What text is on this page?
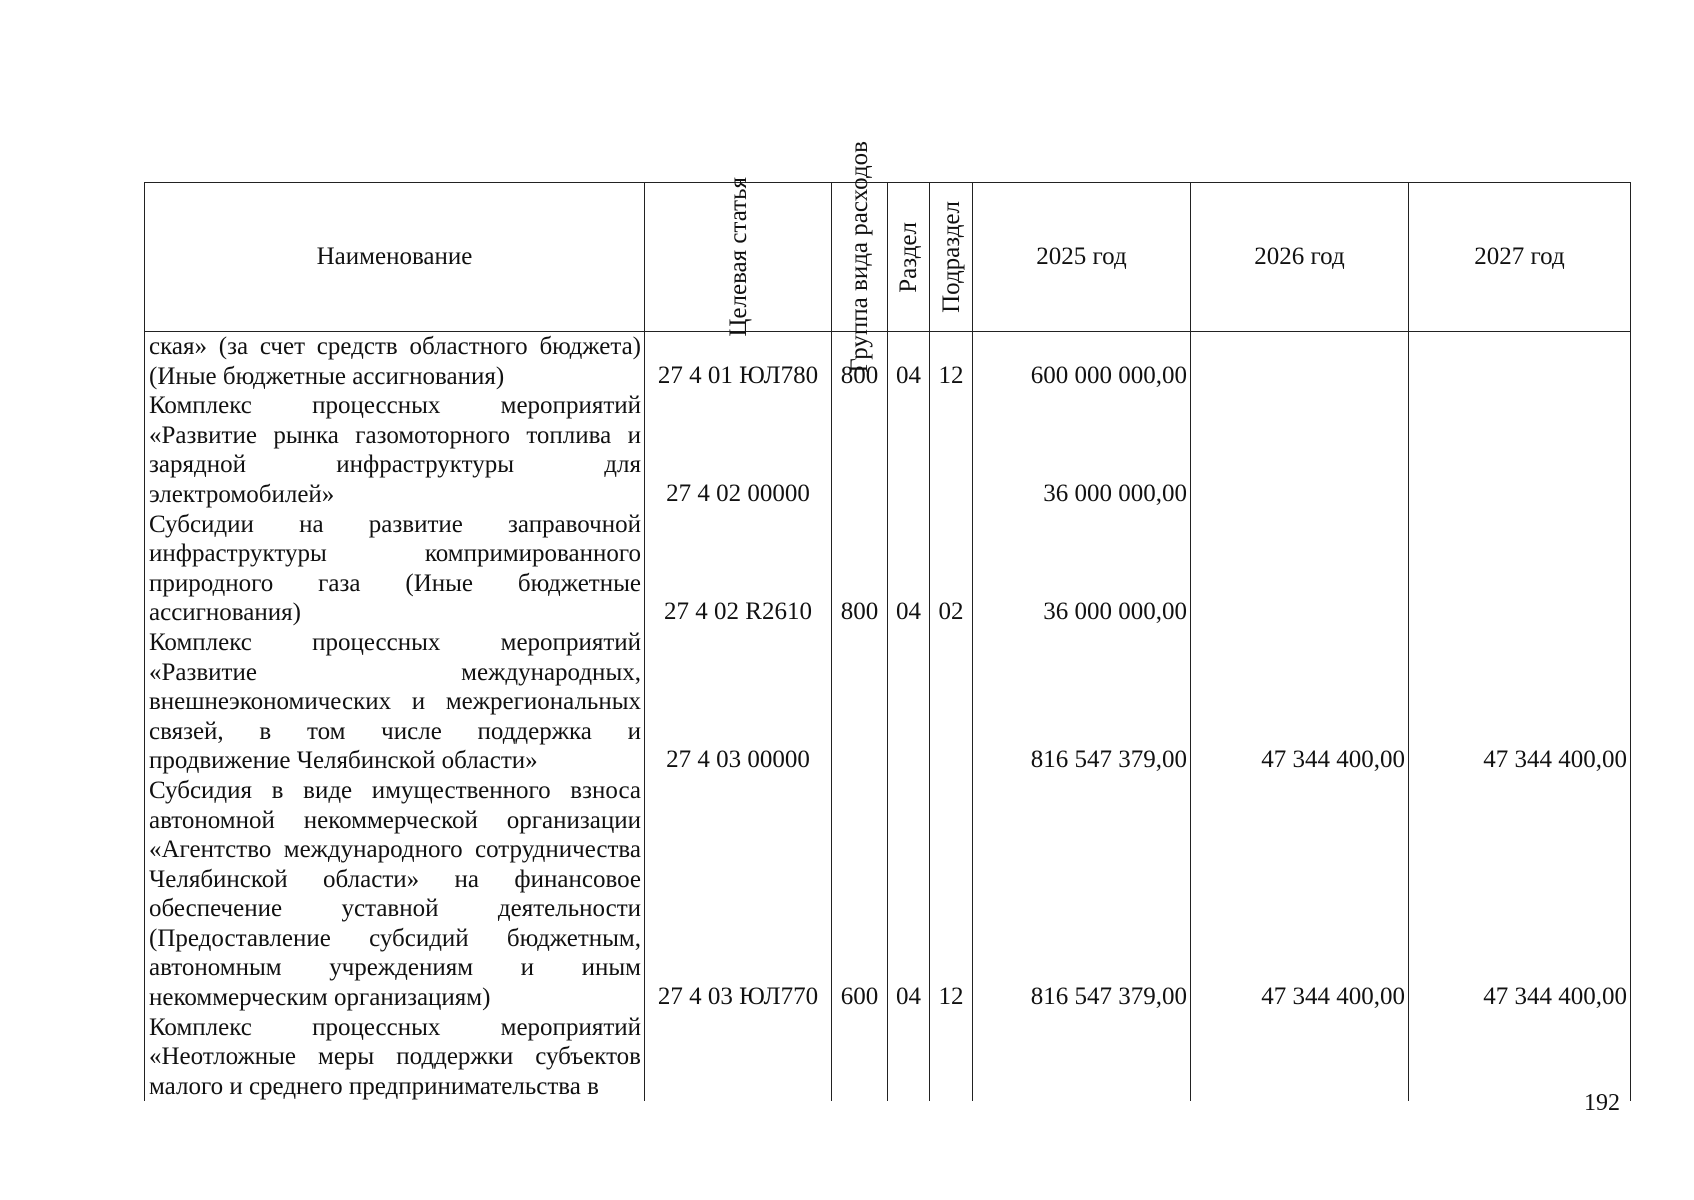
Наименование	Целевая статья	Группа вида расходов	Раздел	Подраздел	2025 год	2026 год	2027 год
ская» (за счет средств областного бюджета) (Иные бюджетные ассигнования)	27 4 01 ЮЛ780	800	04	12	600 000 000,00		
Комплекс процессных мероприятий «Развитие рынка газомоторного топлива и зарядной инфраструктуры для электромобилей»	27 4 02 00000				36 000 000,00		
Субсидии на развитие заправочной инфраструктуры компримированного природного газа (Иные бюджетные ассигнования)	27 4 02 R2610	800	04	02	36 000 000,00		
Комплекс процессных мероприятий «Развитие международных, внешнеэкономических и межрегиональных связей, в том числе поддержка и продвижение Челябинской области»	27 4 03 00000				816 547 379,00	47 344 400,00	47 344 400,00
Субсидия в виде имущественного взноса автономной некоммерческой организации «Агентство международного сотрудничества Челябинской области» на финансовое обеспечение уставной деятельности (Предоставление субсидий бюджетным, автономным учреждениям и иным некоммерческим организациям)	27 4 03 ЮЛ770	600	04	12	816 547 379,00	47 344 400,00	47 344 400,00
Комплекс процессных мероприятий «Неотложные меры поддержки субъектов малого и среднего предпринимательства в							
192
